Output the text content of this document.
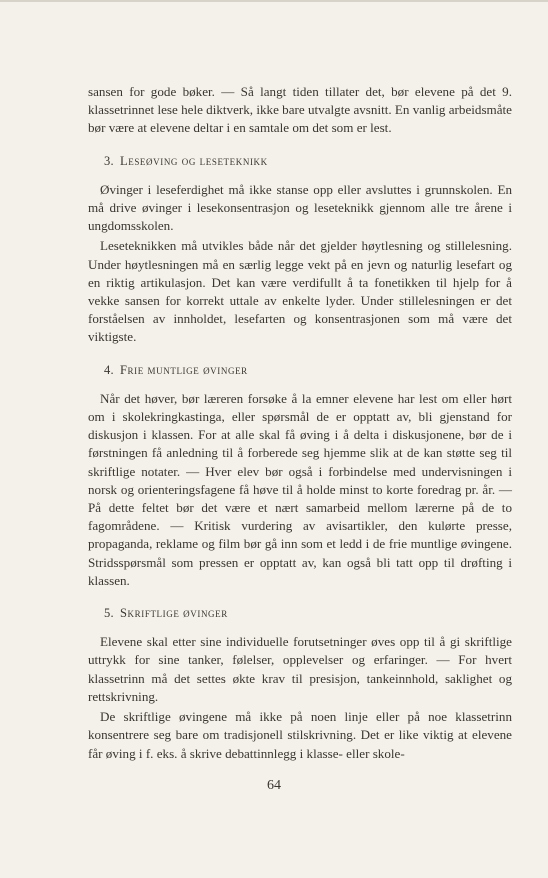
sansen for gode bøker. — Så langt tiden tillater det, bør elevene på det 9. klassetrinnet lese hele diktverk, ikke bare utvalgte avsnitt. En vanlig arbeidsmåte bør være at elevene deltar i en samtale om det som er lest.

3. Leseøving og leseteknikk

Øvinger i leseferdighet må ikke stanse opp eller avsluttes i grunnskolen. En må drive øvinger i lesekonsentrasjon og leseteknikk gjennom alle tre årene i ungdomsskolen.

Leseteknikken må utvikles både når det gjelder høytlesning og stillelesning. Under høytlesningen må en særlig legge vekt på en jevn og naturlig lesefart og en riktig artikulasjon. Det kan være verdifullt å ta fonetikken til hjelp for å vekke sansen for korrekt uttale av enkelte lyder. Under stillelesningen er det forståelsen av innholdet, lesefarten og konsentrasjonen som må være det viktigste.

4. Frie muntlige øvinger

Når det høver, bør læreren forsøke å la emner elevene har lest om eller hørt om i skolekringkastinga, eller spørsmål de er opptatt av, bli gjenstand for diskusjon i klassen. For at alle skal få øving i å delta i diskusjonene, bør de i førstningen få anledning til å forberede seg hjemme slik at de kan støtte seg til skriftlige notater. — Hver elev bør også i forbindelse med undervisningen i norsk og orienteringsfagene få høve til å holde minst to korte foredrag pr. år. — På dette feltet bør det være et nært samarbeid mellom lærerne på de to fagområdene. — Kritisk vurdering av avisartikler, den kulørte presse, propaganda, reklame og film bør gå inn som et ledd i de frie muntlige øvingene. Stridsspørsmål som pressen er opptatt av, kan også bli tatt opp til drøfting i klassen.

5. Skriftlige øvinger

Elevene skal etter sine individuelle forutsetninger øves opp til å gi skriftlige uttrykk for sine tanker, følelser, opplevelser og erfaringer. — For hvert klassetrinn må det settes økte krav til presisjon, tankeinnhold, saklighet og rettskrivning.

De skriftlige øvingene må ikke på noen linje eller på noe klassetrinn konsentrere seg bare om tradisjonell stilskrivning. Det er like viktig at elevene får øving i f. eks. å skrive debattinnlegg i klasse- eller skole-

64
